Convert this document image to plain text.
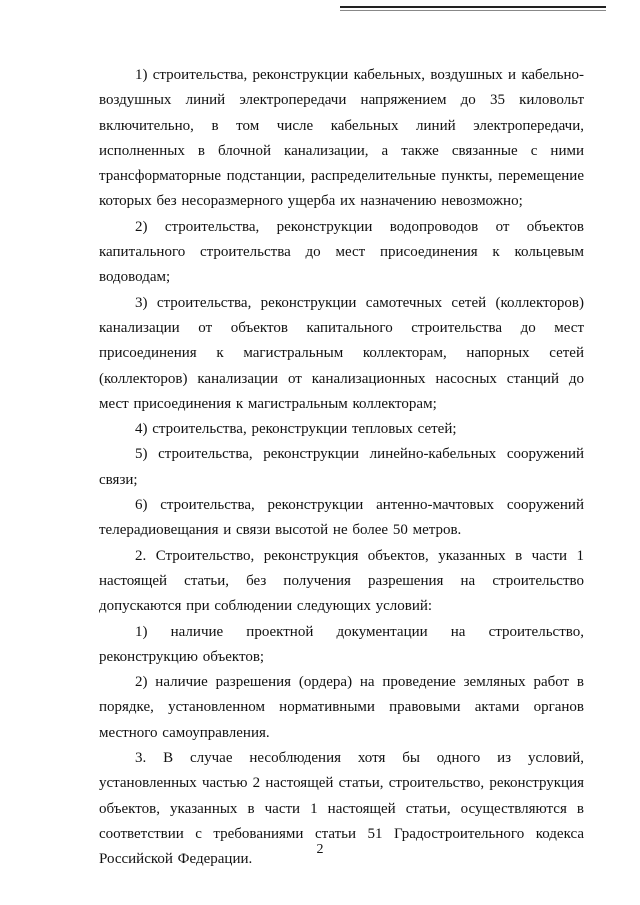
1) строительства, реконструкции кабельных, воздушных и кабельно-воздушных линий электропередачи напряжением до 35 киловольт включительно, в том числе кабельных линий электропередачи, исполненных в блочной канализации, а также связанные с ними трансформаторные подстанции, распределительные пункты, перемещение которых без несоразмерного ущерба их назначению невозможно;

2) строительства, реконструкции водопроводов от объектов капитального строительства до мест присоединения к кольцевым водоводам;

3) строительства, реконструкции самотечных сетей (коллекторов) канализации от объектов капитального строительства до мест присоединения к магистральным коллекторам, напорных сетей (коллекторов) канализации от канализационных насосных станций до мест присоединения к магистральным коллекторам;

4) строительства, реконструкции тепловых сетей;

5) строительства, реконструкции линейно-кабельных сооружений связи;

6) строительства, реконструкции антенно-мачтовых сооружений телерадиовещания и связи высотой не более 50 метров.

2. Строительство, реконструкция объектов, указанных в части 1 настоящей статьи, без получения разрешения на строительство допускаются при соблюдении следующих условий:

1) наличие проектной документации на строительство, реконструкцию объектов;

2) наличие разрешения (ордера) на проведение земляных работ в порядке, установленном нормативными правовыми актами органов местного самоуправления.

3. В случае несоблюдения хотя бы одного из условий, установленных частью 2 настоящей статьи, строительство, реконструкция объектов, указанных в части 1 настоящей статьи, осуществляются в соответствии с требованиями статьи 51 Градостроительного кодекса Российской Федерации.

2
